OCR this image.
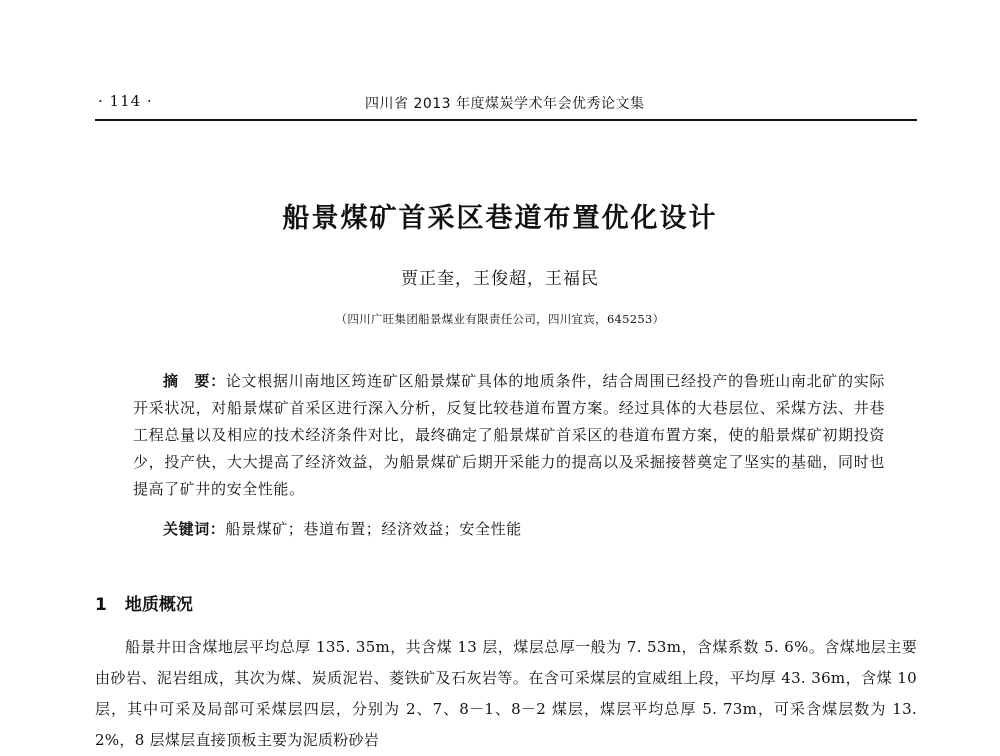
· 114 ·	四川省 2013 年度煤炭学术年会优秀论文集
船景煤矿首采区巷道布置优化设计
贾正奎，王俊超，王福民
（四川广旺集团船景煤业有限责任公司，四川宜宾，645253）
摘　要：论文根据川南地区筠连矿区船景煤矿具体的地质条件，结合周围已经投产的鲁班山南北矿的实际开采状况，对船景煤矿首采区进行深入分析，反复比较巷道布置方案。经过具体的大巷层位、采煤方法、井巷工程总量以及相应的技术经济条件对比，最终确定了船景煤矿首采区的巷道布置方案，使的船景煤矿初期投资少，投产快，大大提高了经济效益，为船景煤矿后期开采能力的提高以及采掘接替奠定了坚实的基础，同时也提高了矿井的安全性能。
关键词：船景煤矿；巷道布置；经济效益；安全性能
1 地质概况
船景井田含煤地层平均总厚 135. 35m，共含煤 13 层，煤层总厚一般为 7. 53m，含煤系数 5. 6%。含煤地层主要由砂岩、泥岩组成，其次为煤、炭质泥岩、菱铁矿及石灰岩等。在含可采煤层的宣威组上段，平均厚 43. 36m，含煤 10 层，其中可采及局部可采煤层四层，分别为 2、7、8－1、8－2 煤层，煤层平均总厚 5. 73m，可采含煤层数为 13. 2%，8 层煤层直接顶板主要为泥质粉砂岩
